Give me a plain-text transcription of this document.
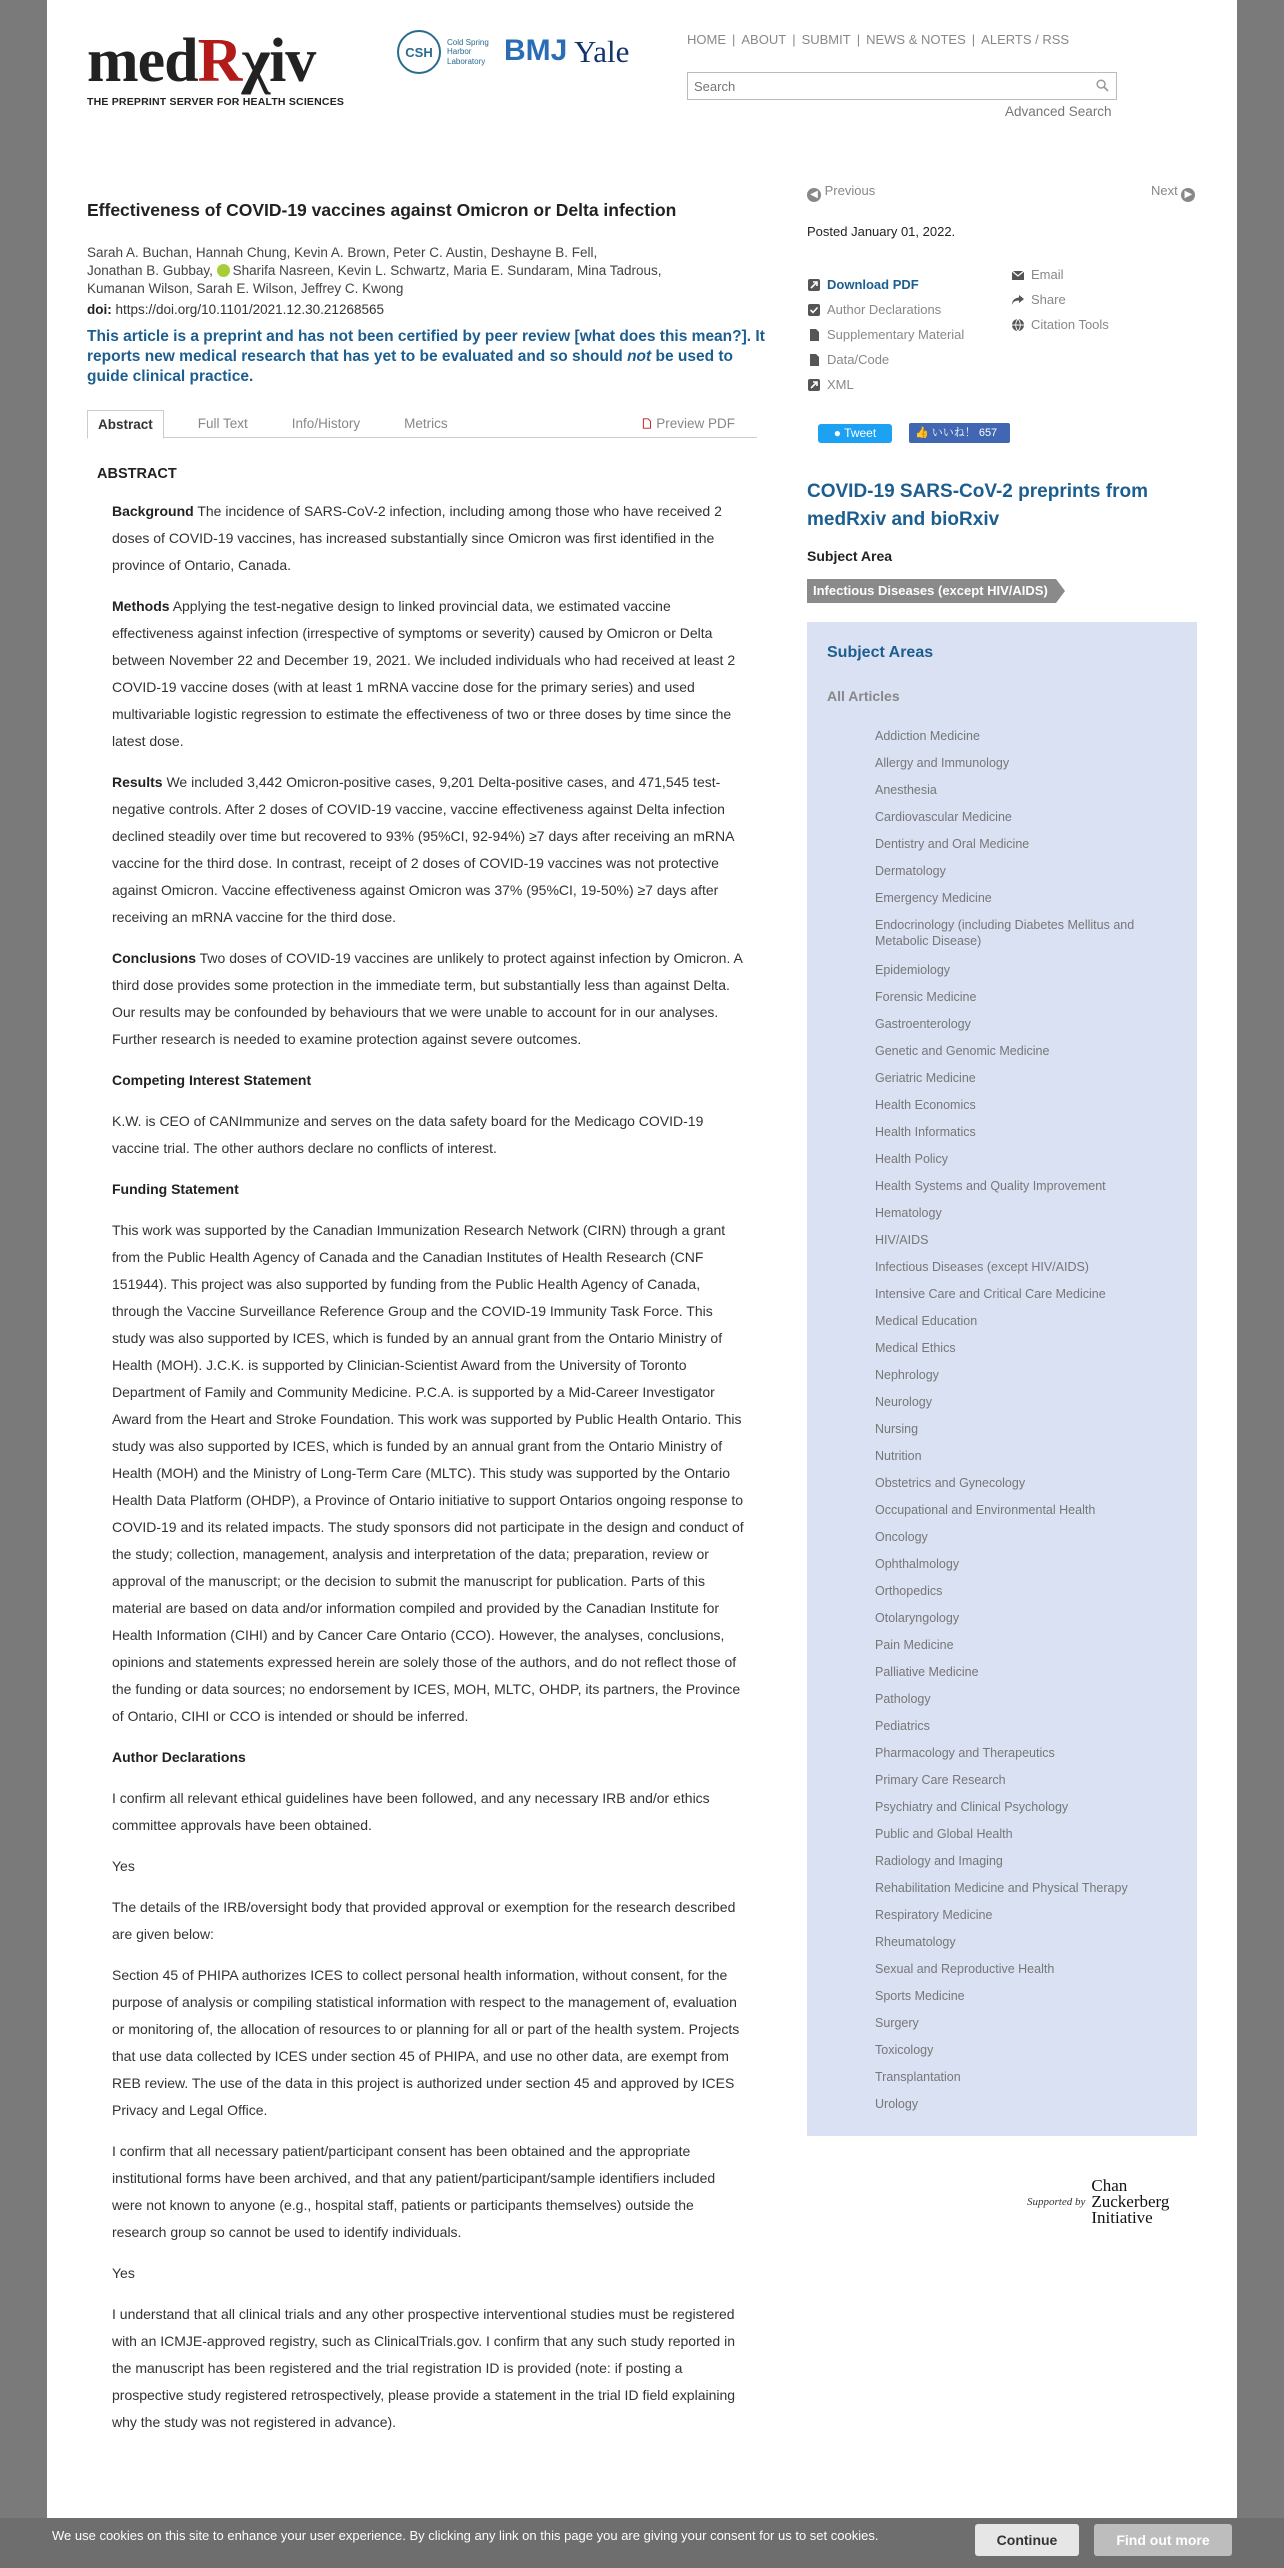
medRχiv
THE PREPRINT SERVER FOR HEALTH SCIENCES
CSH
Cold Spring Harbor Laboratory BMJ Yale	HOME | ABOUT | SUBMIT | NEWS & NOTES | ALERTS / RSS
Search
Advanced Search
Effectiveness of COVID-19 vaccines against Omicron or Delta infection
Sarah A. Buchan, Hannah Chung, Kevin A. Brown, Peter C. Austin, Deshayne B. Fell,
Jonathan B. Gubbay, Sharifa Nasreen, Kevin L. Schwartz, Maria E. Sundaram, Mina Tadrous,
Kumanan Wilson, Sarah E. Wilson, Jeffrey C. Kwong
doi: https://doi.org/10.1101/2021.12.30.21268565
This article is a preprint and has not been certified by peer review [what does this mean?]. It reports new medical research that has yet to be evaluated and so should not be used to guide clinical practice.
Abstract	Full Text	Info/History	Metrics	Preview PDF
ABSTRACT

Background The incidence of SARS-CoV-2 infection, including among those who have received 2 doses of COVID-19 vaccines, has increased substantially since Omicron was first identified in the province of Ontario, Canada.

Methods Applying the test-negative design to linked provincial data, we estimated vaccine effectiveness against infection (irrespective of symptoms or severity) caused by Omicron or Delta between November 22 and December 19, 2021. We included individuals who had received at least 2 COVID-19 vaccine doses (with at least 1 mRNA vaccine dose for the primary series) and used multivariable logistic regression to estimate the effectiveness of two or three doses by time since the latest dose.

Results We included 3,442 Omicron-positive cases, 9,201 Delta-positive cases, and 471,545 test-negative controls. After 2 doses of COVID-19 vaccine, vaccine effectiveness against Delta infection declined steadily over time but recovered to 93% (95%CI, 92-94%) ≥7 days after receiving an mRNA vaccine for the third dose. In contrast, receipt of 2 doses of COVID-19 vaccines was not protective against Omicron. Vaccine effectiveness against Omicron was 37% (95%CI, 19-50%) ≥7 days after receiving an mRNA vaccine for the third dose.

Conclusions Two doses of COVID-19 vaccines are unlikely to protect against infection by Omicron. A third dose provides some protection in the immediate term, but substantially less than against Delta. Our results may be confounded by behaviours that we were unable to account for in our analyses. Further research is needed to examine protection against severe outcomes.

Competing Interest Statement

K.W. is CEO of CANImmunize and serves on the data safety board for the Medicago COVID-19 vaccine trial. The other authors declare no conflicts of interest.

Funding Statement

This work was supported by the Canadian Immunization Research Network (CIRN) through a grant from the Public Health Agency of Canada and the Canadian Institutes of Health Research (CNF 151944). This project was also supported by funding from the Public Health Agency of Canada, through the Vaccine Surveillance Reference Group and the COVID-19 Immunity Task Force. This study was also supported by ICES, which is funded by an annual grant from the Ontario Ministry of Health (MOH). J.C.K. is supported by Clinician-Scientist Award from the University of Toronto Department of Family and Community Medicine. P.C.A. is supported by a Mid-Career Investigator Award from the Heart and Stroke Foundation. This work was supported by Public Health Ontario. This study was also supported by ICES, which is funded by an annual grant from the Ontario Ministry of Health (MOH) and the Ministry of Long-Term Care (MLTC). This study was supported by the Ontario Health Data Platform (OHDP), a Province of Ontario initiative to support Ontarios ongoing response to COVID-19 and its related impacts. The study sponsors did not participate in the design and conduct of the study; collection, management, analysis and interpretation of the data; preparation, review or approval of the manuscript; or the decision to submit the manuscript for publication. Parts of this material are based on data and/or information compiled and provided by the Canadian Institute for Health Information (CIHI) and by Cancer Care Ontario (CCO). However, the analyses, conclusions, opinions and statements expressed herein are solely those of the authors, and do not reflect those of the funding or data sources; no endorsement by ICES, MOH, MLTC, OHDP, its partners, the Province of Ontario, CIHI or CCO is intended or should be inferred.

Author Declarations

I confirm all relevant ethical guidelines have been followed, and any necessary IRB and/or ethics committee approvals have been obtained.

Yes

The details of the IRB/oversight body that provided approval or exemption for the research described are given below:

Section 45 of PHIPA authorizes ICES to collect personal health information, without consent, for the purpose of analysis or compiling statistical information with respect to the management of, evaluation or monitoring of, the allocation of resources to or planning for all or part of the health system. Projects that use data collected by ICES under section 45 of PHIPA, and use no other data, are exempt from REB review. The use of the data in this project is authorized under section 45 and approved by ICES Privacy and Legal Office.

I confirm that all necessary patient/participant consent has been obtained and the appropriate institutional forms have been archived, and that any patient/participant/sample identifiers included were not known to anyone (e.g., hospital staff, patients or participants themselves) outside the research group so cannot be used to identify individuals.

Yes

I understand that all clinical trials and any other prospective interventional studies must be registered with an ICMJE-approved registry, such as ClinicalTrials.gov. I confirm that any such study reported in the manuscript has been registered and the trial registration ID is provided (note: if posting a prospective study registered retrospectively, please provide a statement in the trial ID field explaining why the study was not registered in advance).

◀ Previous	Next ▶
Posted January 01, 2022.
Download PDF
Author Declarations
Supplementary Material
Data/Code
XML
Email
Share
Citation Tools
● Tweet	👍 いいね！ 657
COVID-19 SARS-CoV-2 preprints from medRxiv and bioRxiv
Subject Area
Infectious Diseases (except HIV/AIDS)
Subject Areas
All Articles
Addiction Medicine
Allergy and Immunology
Anesthesia
Cardiovascular Medicine
Dentistry and Oral Medicine
Dermatology
Emergency Medicine
Endocrinology (including Diabetes Mellitus and Metabolic Disease)
Epidemiology
Forensic Medicine
Gastroenterology
Genetic and Genomic Medicine
Geriatric Medicine
Health Economics
Health Informatics
Health Policy
Health Systems and Quality Improvement
Hematology
HIV/AIDS
Infectious Diseases (except HIV/AIDS)
Intensive Care and Critical Care Medicine
Medical Education
Medical Ethics
Nephrology
Neurology
Nursing
Nutrition
Obstetrics and Gynecology
Occupational and Environmental Health
Oncology
Ophthalmology
Orthopedics
Otolaryngology
Pain Medicine
Palliative Medicine
Pathology
Pediatrics
Pharmacology and Therapeutics
Primary Care Research
Psychiatry and Clinical Psychology
Public and Global Health
Radiology and Imaging
Rehabilitation Medicine and Physical Therapy
Respiratory Medicine
Rheumatology
Sexual and Reproductive Health
Sports Medicine
Surgery
Toxicology
Transplantation
Urology
Supported by
Chan Zuckerberg Initiative
We use cookies on this site to enhance your user experience. By clicking any link on this page you are giving your consent for us to set cookies.	Continue	Find out more
